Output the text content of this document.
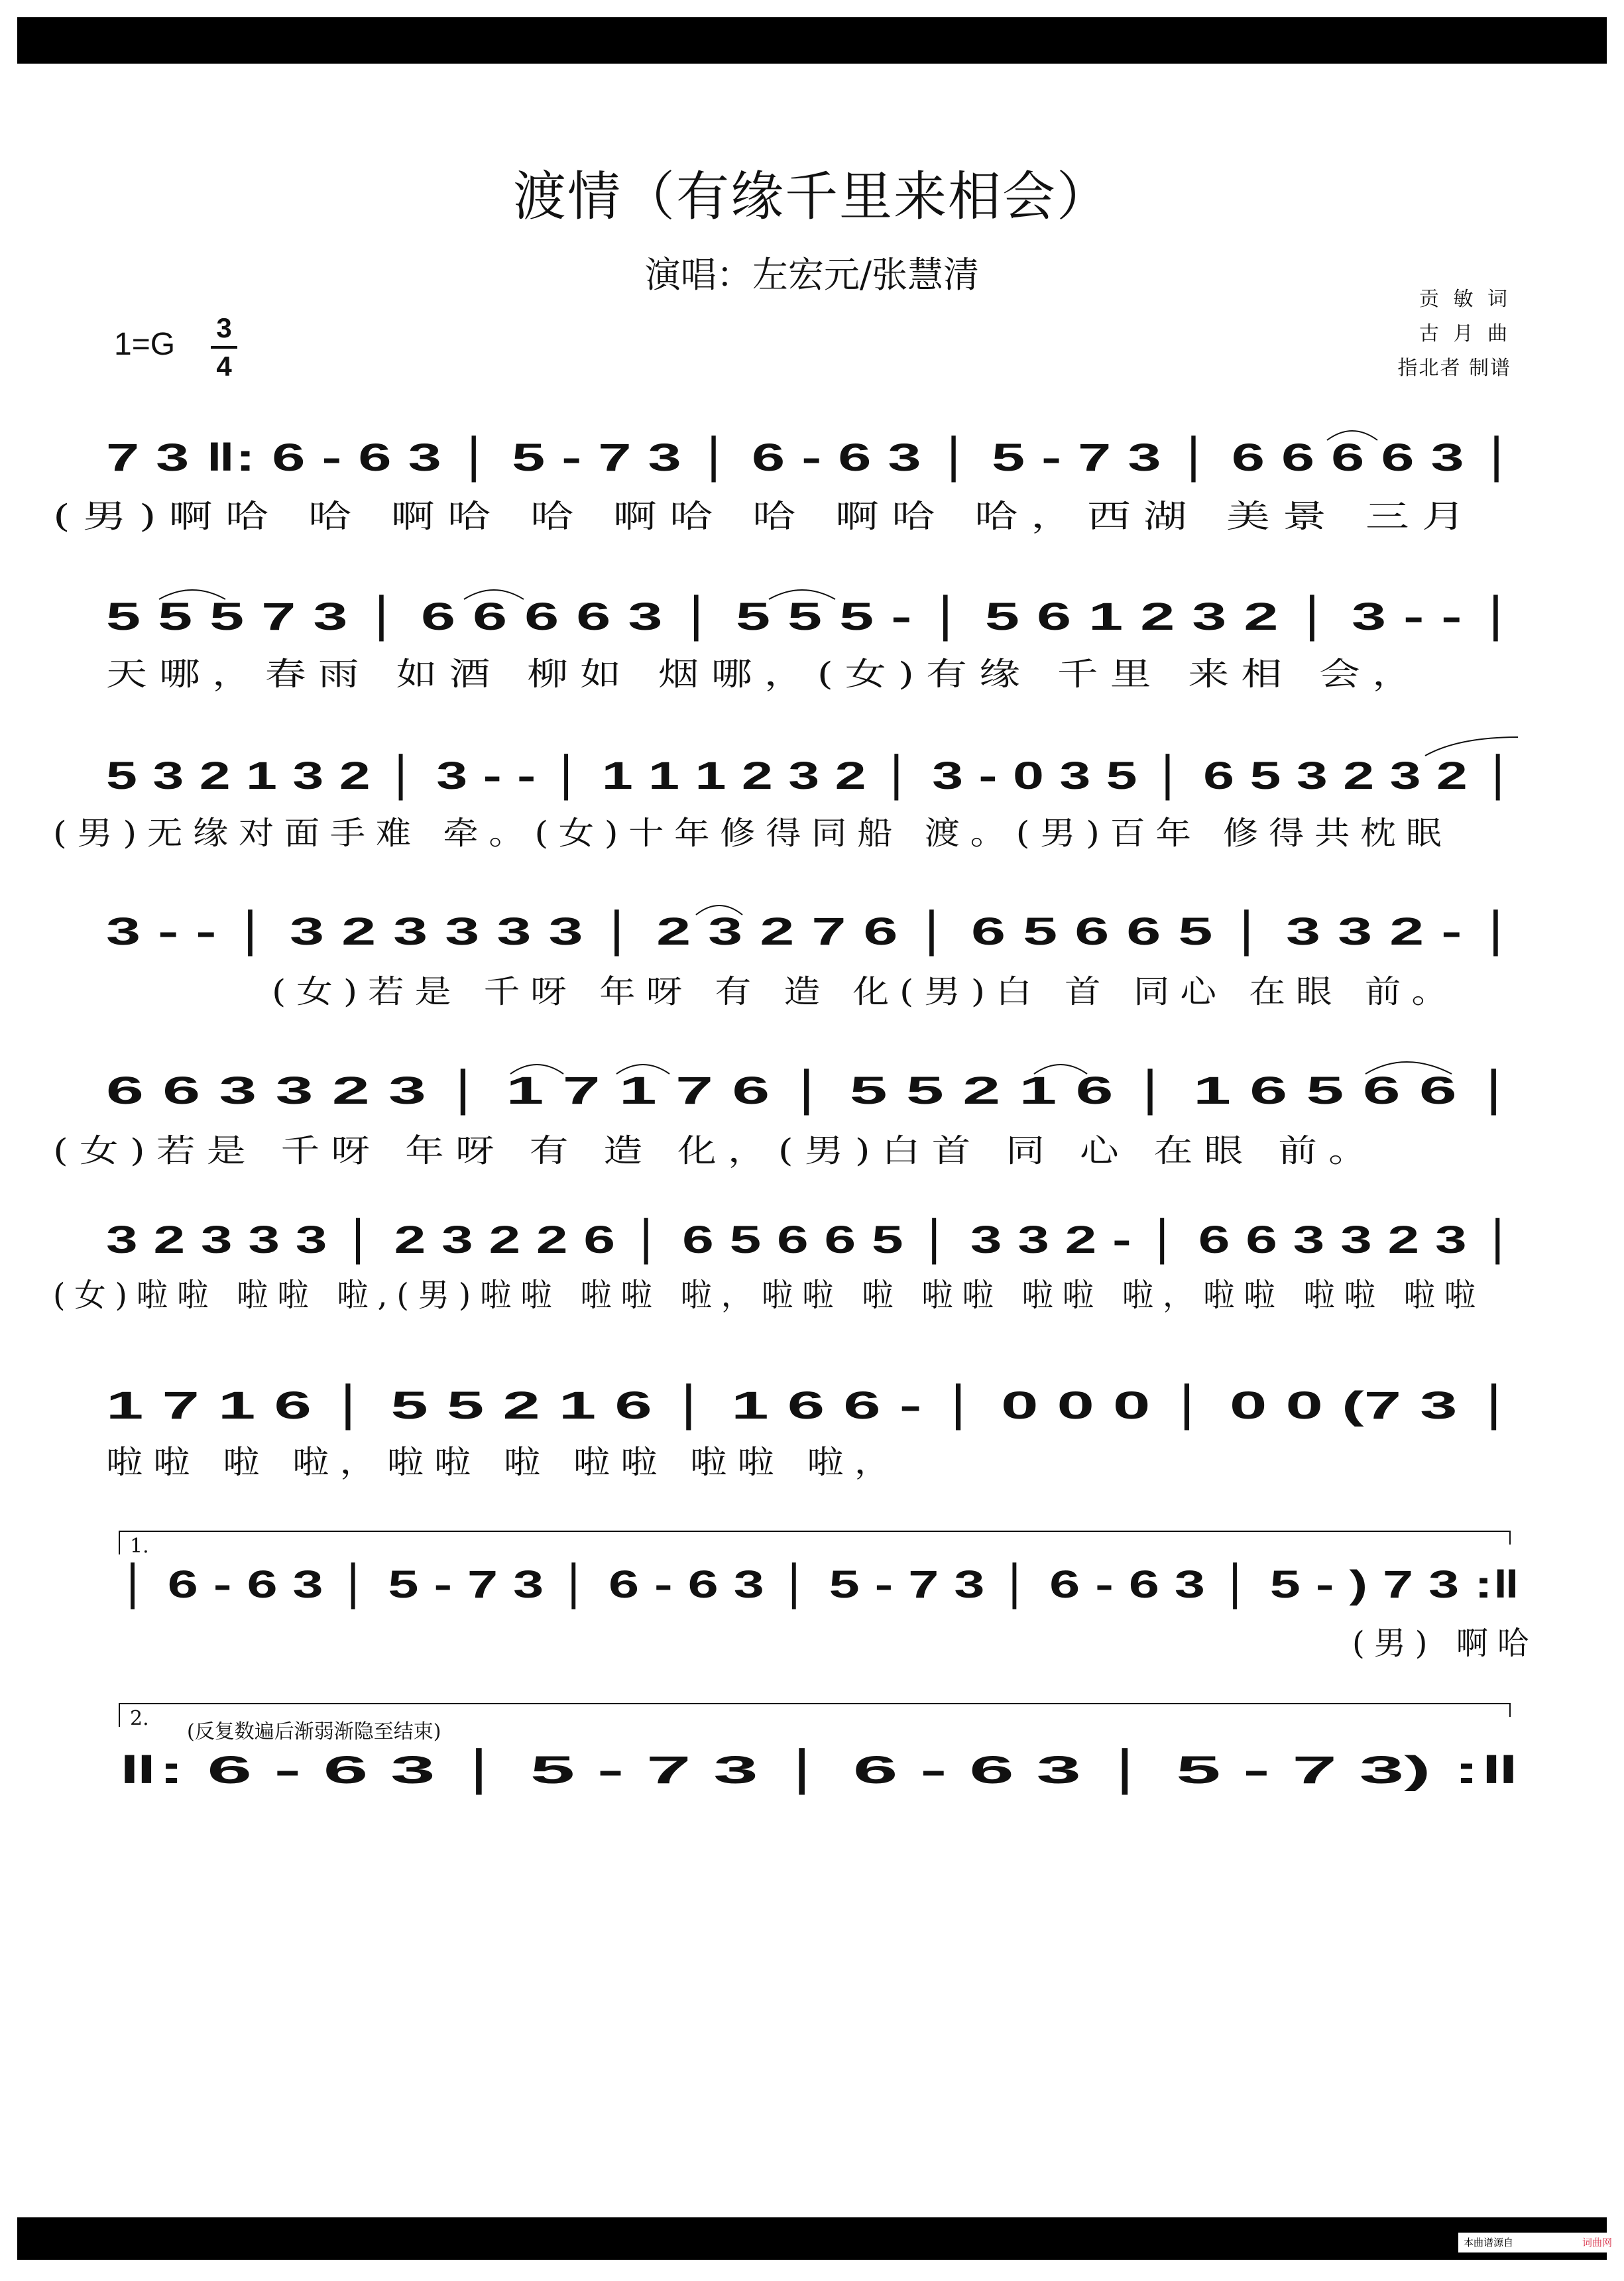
渡情（有缘千里来相会）
演唱：左宏元/张慧清
贡 敏 词
古 月 曲
指北者 制谱
1=G 3
4
7 3 ‖: 6 - 6 3 │ 5 - 7 3 │ 6 - 6 3 │ 5 - 7 3 │ 6 6 6 6 3 │
(男)啊哈 哈 啊哈 哈 啊哈 哈 啊哈 哈，西湖 美景 三月
5 5 5 7 3 │ 6 6 6 6 3 │ 5 5 5 - │ 5 6 1 2 3 2 │ 3 - - │
天哪，春雨 如酒 柳如 烟哪，(女)有缘 千里 来相 会，
5 3 2 1 3 2 │ 3 - - │ 1 1 1 2 3 2 │ 3 - 0 3 5 │ 6 5 3 2 3 2 │
(男)无缘对面手难 牵。(女)十年修得同船 渡。(男)百年 修得共枕眠
3 - - │ 3 2 3 3 3 3 │ 2 3 2 7 6 │ 6 5 6 6 5 │ 3 3 2 - │
(女)若是 千呀 年呀 有 造 化(男)白 首 同心 在眼 前。
6 6 3 3 2 3 │ 1 7 1 7 6 │ 5 5 2 1 6 │ 1 6 5 6 6 │
(女)若是 千呀 年呀 有 造 化，(男)白首 同 心 在眼 前。
3 2 3 3 3 │ 2 3 2 2 6 │ 6 5 6 6 5 │ 3 3 2 - │ 6 6 3 3 2 3 │
(女)啦啦 啦啦 啦,(男)啦啦 啦啦 啦，啦啦 啦 啦啦 啦啦 啦，啦啦 啦啦 啦啦
1 7 1 6 │ 5 5 2 1 6 │ 1 6 6 - │ 0 0 0 │ 0 0 (7 3 │
啦啦 啦 啦，啦啦 啦 啦啦 啦啦 啦，
1.
│ 6 - 6 3 │ 5 - 7 3 │ 6 - 6 3 │ 5 - 7 3 │ 6 - 6 3 │ 5 - ) 7 3 :‖
(男) 啊哈
2.
(反复数遍后渐弱渐隐至结束)
‖: 6 - 6 3 │ 5 - 7 3 │ 6 - 6 3 │ 5 - 7 3) :‖
本曲谱源自	词曲网
